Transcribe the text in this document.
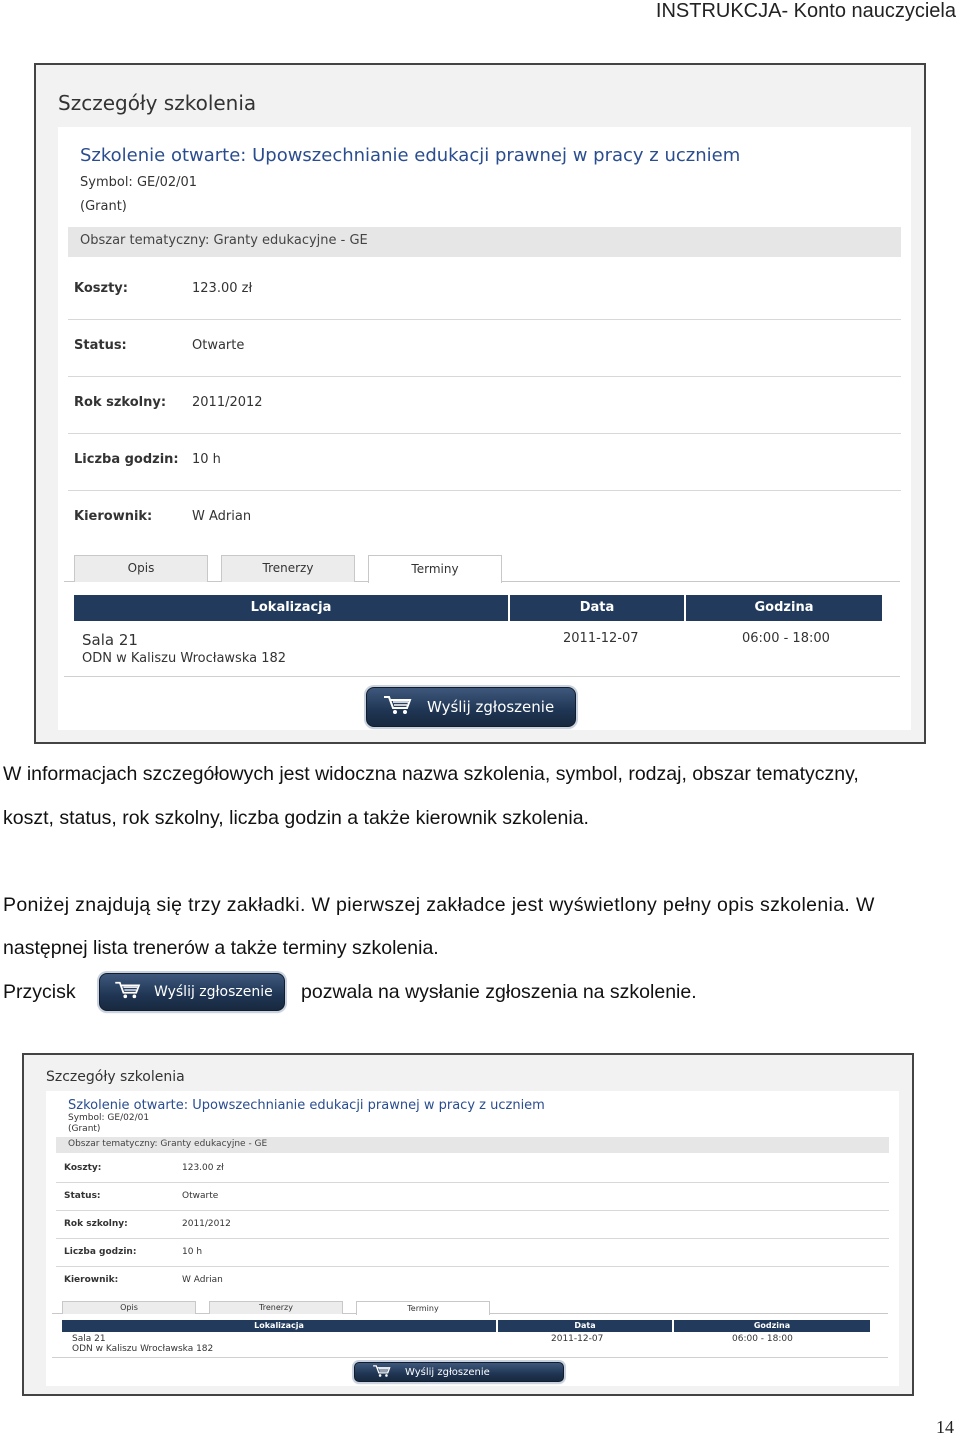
INSTRUKCJA- Konto nauczyciela
Szczegóły szkolenia
Szkolenie otwarte: Upowszechnianie edukacji prawnej w pracy z uczniem
Symbol: GE/02/01
(Grant)
Obszar tematyczny: Granty edukacyjne - GE
Koszty:	123.00 zł
Status:	Otwarte
Rok szkolny: 2011/2012
Liczba godzin: 10 h
Kierownik:	W Adrian
Opis	Trenerzy	Terminy
Lokalizacja	Data	Godzina
Sala 21
ODN w Kaliszu Wrocławska 182
2011-12-07	06:00 - 18:00
Wyślij zgłoszenie
W informacjach szczegółowych jest widoczna nazwa szkolenia, symbol, rodzaj, obszar tematyczny,
koszt, status, rok szkolny, liczba godzin a także kierownik szkolenia.
Poniżej znajdują się trzy zakładki. W pierwszej zakładce jest wyświetlony pełny opis szkolenia. W
następnej lista trenerów a także terminy szkolenia.
Przycisk	Wyślij zgłoszenie pozwala na wysłanie zgłoszenia na szkolenie.
Szczegóły szkolenia
Szkolenie otwarte: Upowszechnianie edukacji prawnej w pracy z uczniem
Symbol: GE/02/01
(Grant)
Obszar tematyczny: Granty edukacyjne - GE
Koszty:	123.00 zł
Status:	Otwarte
Rok szkolny:	2011/2012
Liczba godzin:	10 h
Kierownik:	W Adrian
Opis	Trenerzy	Terminy
Lokalizacja	Data	Godzina
Sala 21
ODN w Kaliszu Wrocławska 182
2011-12-07	06:00 - 18:00
Wyślij zgłoszenie
14
